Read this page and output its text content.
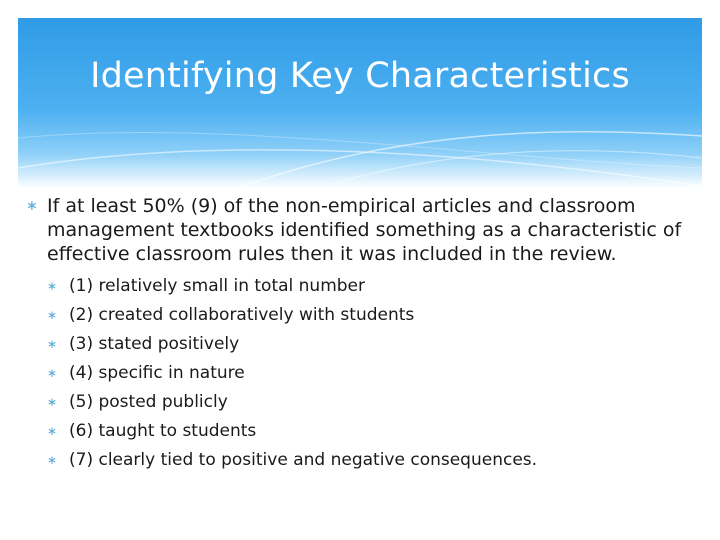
Identifying Key Characteristics
∗ If at least 50% (9) of the non-empirical articles and classroom management textbooks identified something as a characteristic of effective classroom rules then it was included in the review.
∗ (1) relatively small in total number
∗ (2) created collaboratively with students
∗ (3) stated positively
∗ (4) specific in nature
∗ (5) posted publicly
∗ (6) taught to students
∗ (7) clearly tied to positive and negative consequences.
